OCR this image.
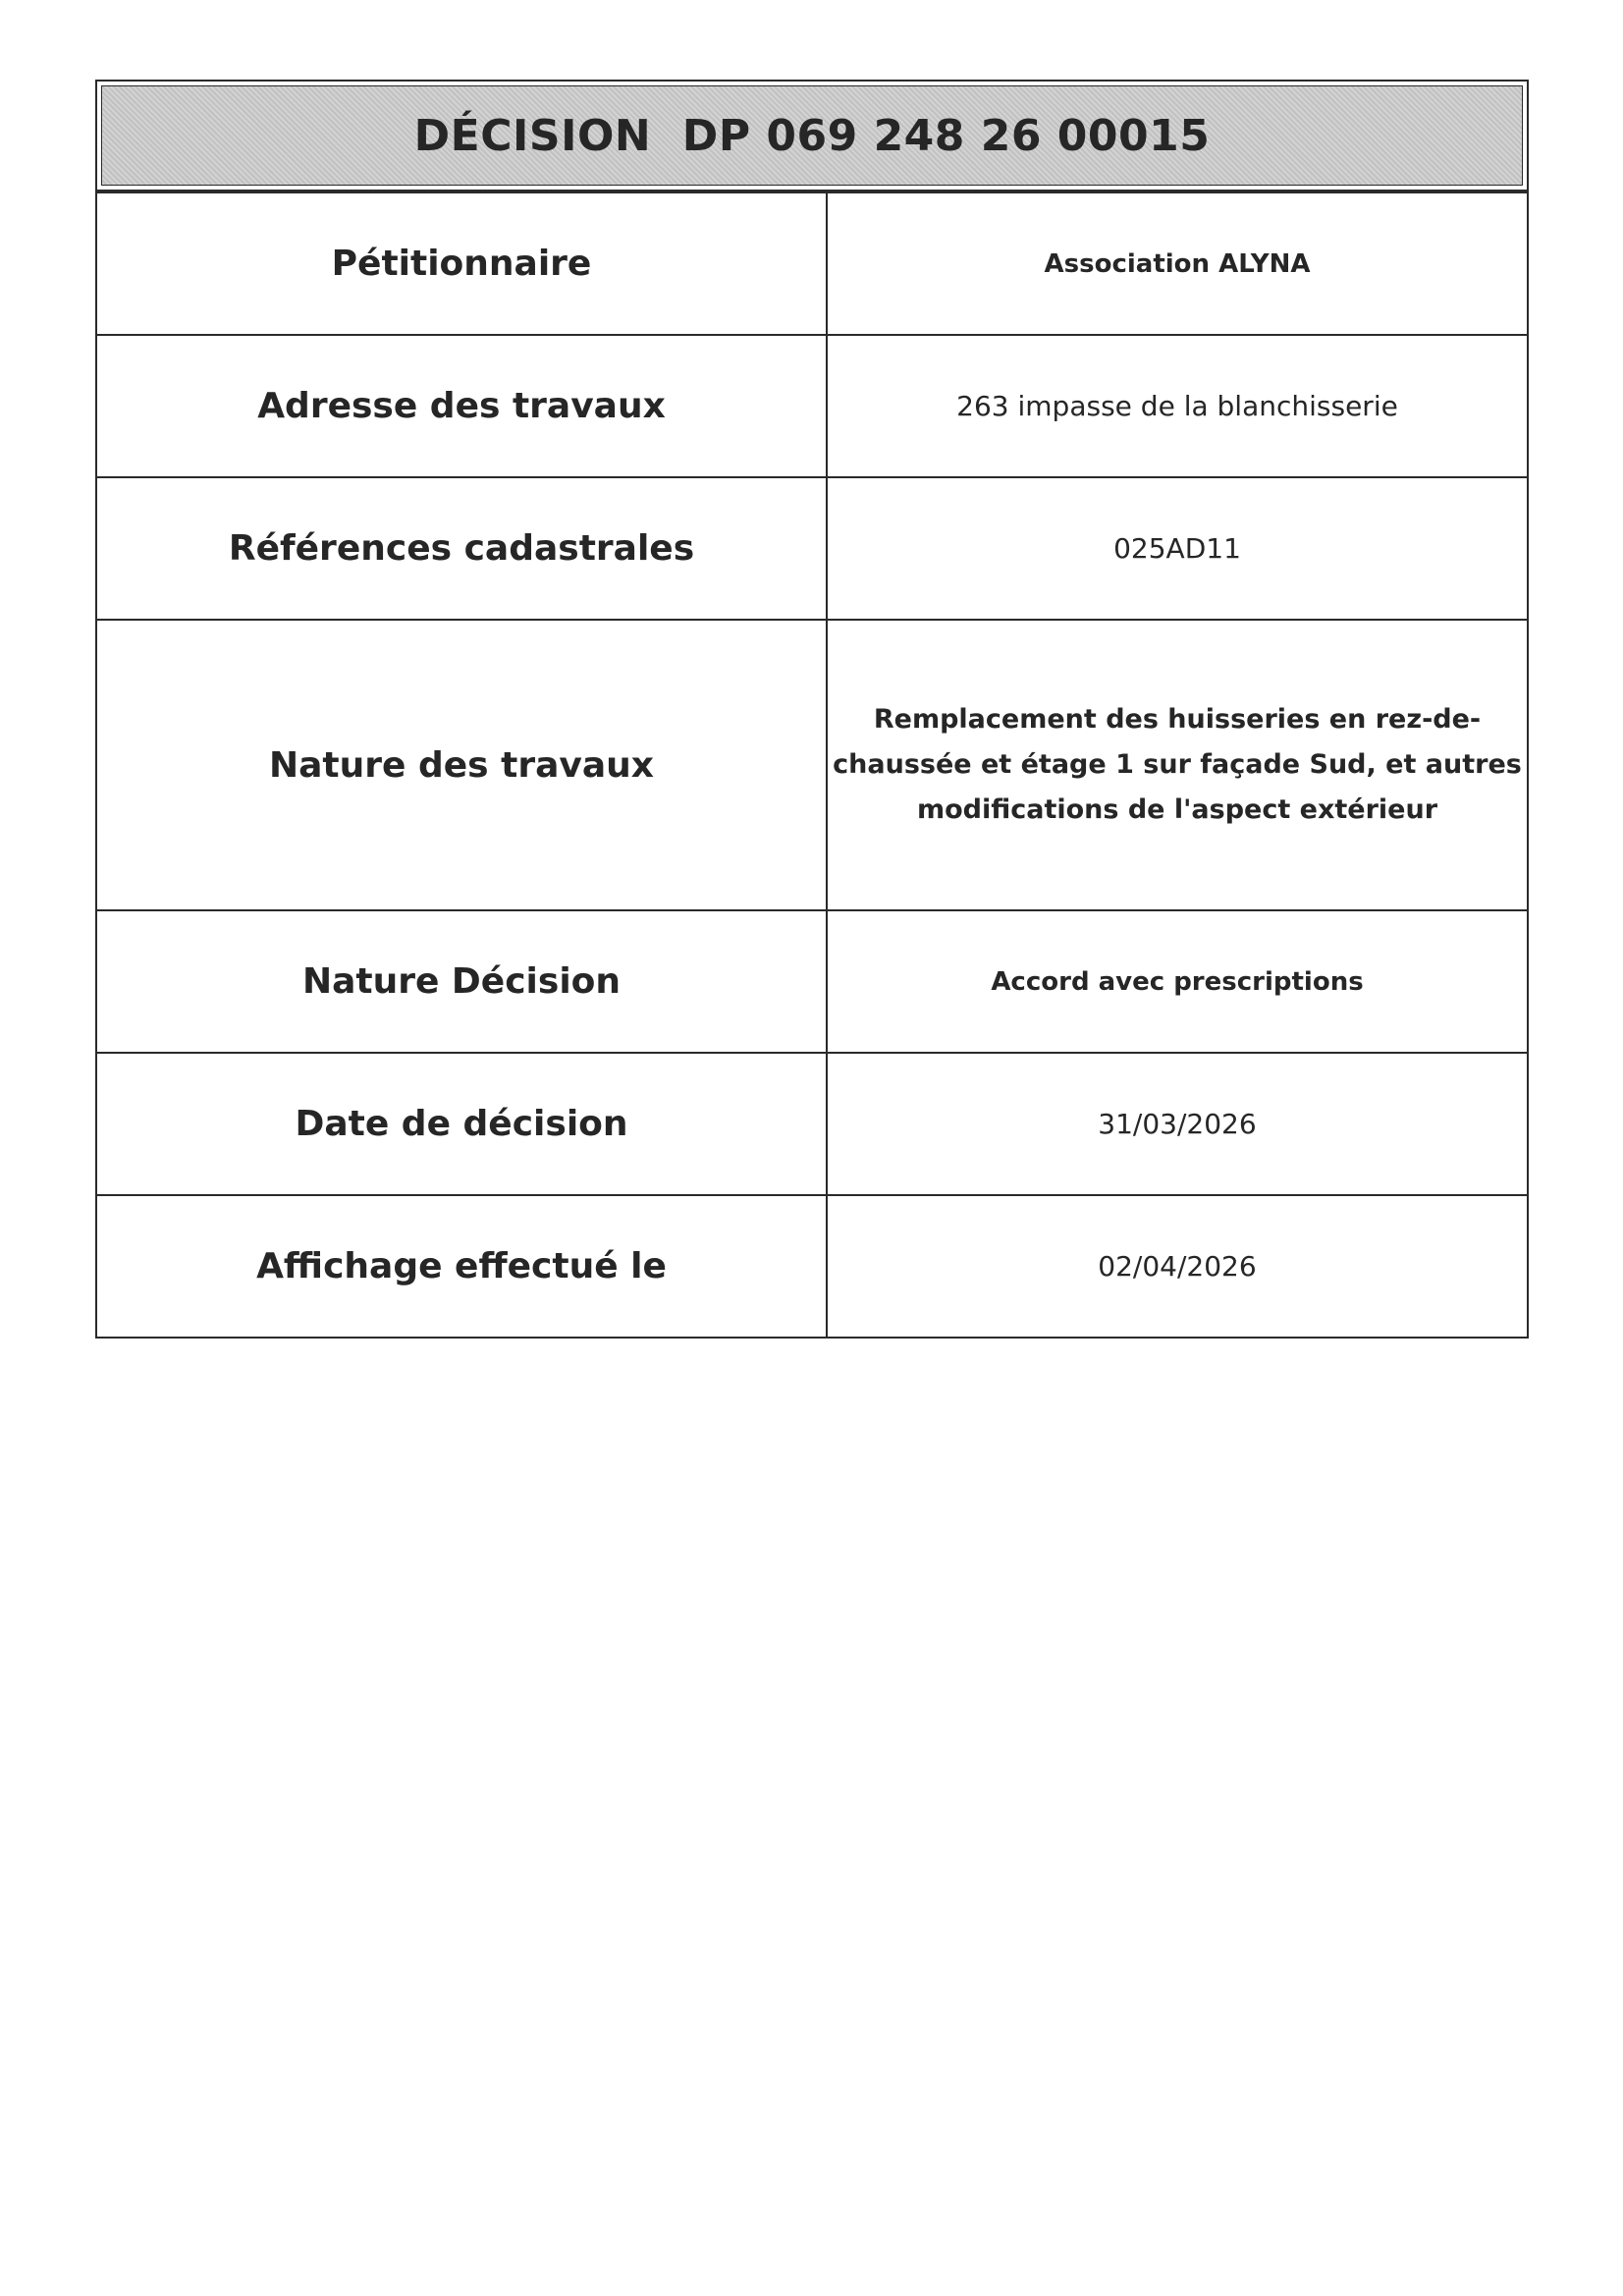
DÉCISION  DP 069 248 26 00015
Pétitionnaire	Association ALYNA
Adresse des travaux	263 impasse de la blanchisserie
Références cadastrales	025AD11
Nature des travaux	Remplacement des huisseries en rez-de-chaussée et étage 1 sur façade Sud, et autres modifications de l'aspect extérieur
Nature Décision	Accord avec prescriptions
Date de décision	31/03/2026
Affichage effectué le	02/04/2026
